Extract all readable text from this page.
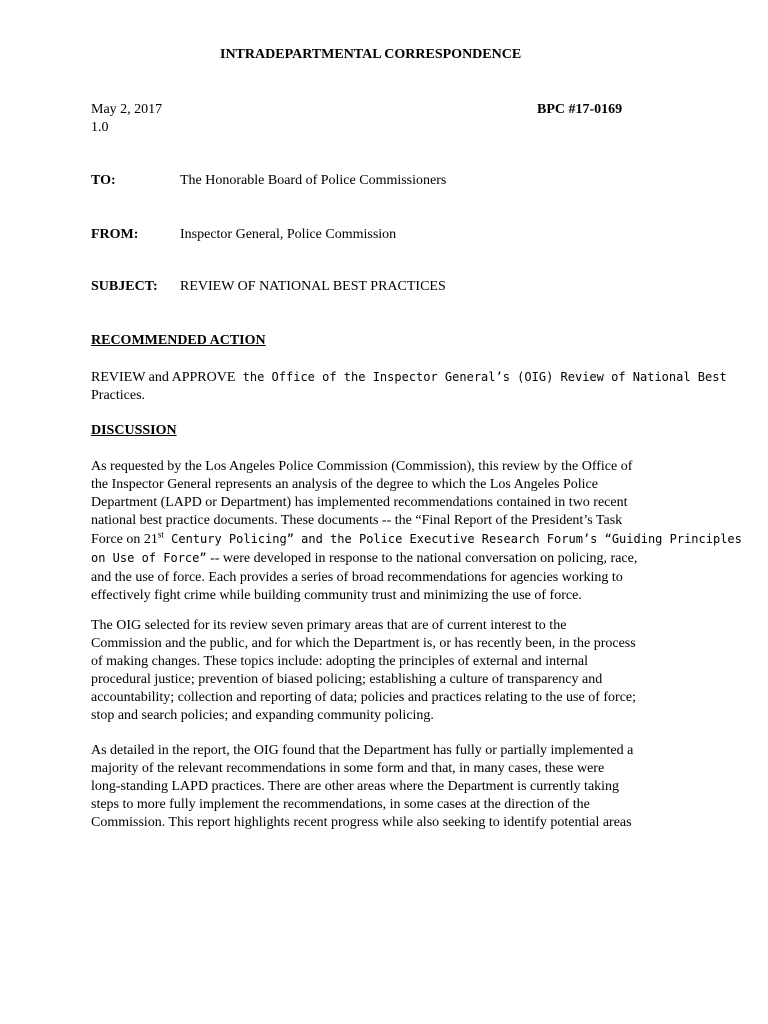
INTRADEPARTMENTAL CORRESPONDENCE
May 2, 2017
1.0
BPC #17-0169
TO:	The Honorable Board of Police Commissioners
FROM:	Inspector General, Police Commission
SUBJECT: REVIEW OF NATIONAL BEST PRACTICES
RECOMMENDED ACTION
REVIEW and APPROVE the Office of the Inspector General’s (OIG) Review of National Best
Practices.
DISCUSSION
As requested by the Los Angeles Police Commission (Commission), this review by the Office of
the Inspector General represents an analysis of the degree to which the Los Angeles Police
Department (LAPD or Department) has implemented recommendations contained in two recent
national best practice documents. These documents -- the “Final Report of the President’s Task
Force on 21st Century Policing” and the Police Executive Research Forum’s “Guiding Principles
on Use of Force” -- were developed in response to the national conversation on policing, race,
and the use of force. Each provides a series of broad recommendations for agencies working to
effectively fight crime while building community trust and minimizing the use of force.
The OIG selected for its review seven primary areas that are of current interest to the
Commission and the public, and for which the Department is, or has recently been, in the process
of making changes. These topics include: adopting the principles of external and internal
procedural justice; prevention of biased policing; establishing a culture of transparency and
accountability; collection and reporting of data; policies and practices relating to the use of force;
stop and search policies; and expanding community policing.
As detailed in the report, the OIG found that the Department has fully or partially implemented a
majority of the relevant recommendations in some form and that, in many cases, these were
long-standing LAPD practices. There are other areas where the Department is currently taking
steps to more fully implement the recommendations, in some cases at the direction of the
Commission. This report highlights recent progress while also seeking to identify potential areas
